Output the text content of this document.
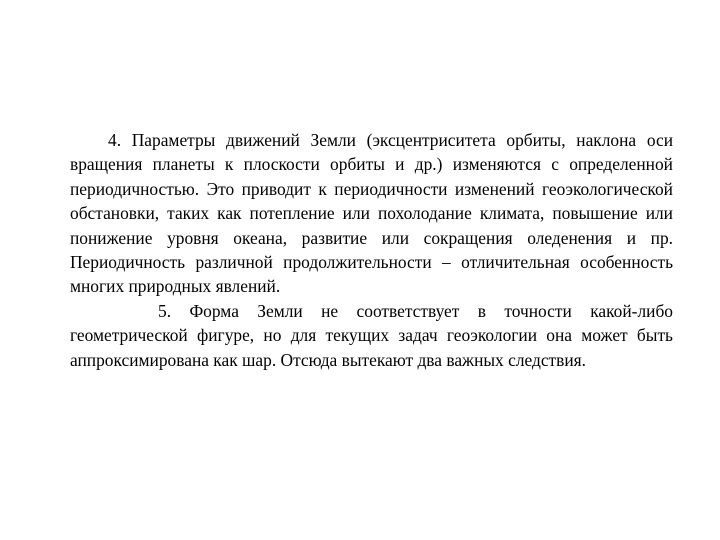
4. Параметры движений Земли (эксцентриситета орбиты, наклона оси вращения планеты к плоскости орбиты и др.) изменяются с определенной периодичностью. Это приводит к периодичности изменений геоэкологической обстановки, таких как потепление или похолодание климата, повышение или понижение уровня океана, развитие или сокращения оледенения и пр. Периодичность различной продолжительности – отличительная особенность многих природных явлений.

5. Форма Земли не соответствует в точности какой-либо геометрической фигуре, но для текущих задач геоэкологии она может быть аппроксимирована как шар. Отсюда вытекают два важных следствия.
